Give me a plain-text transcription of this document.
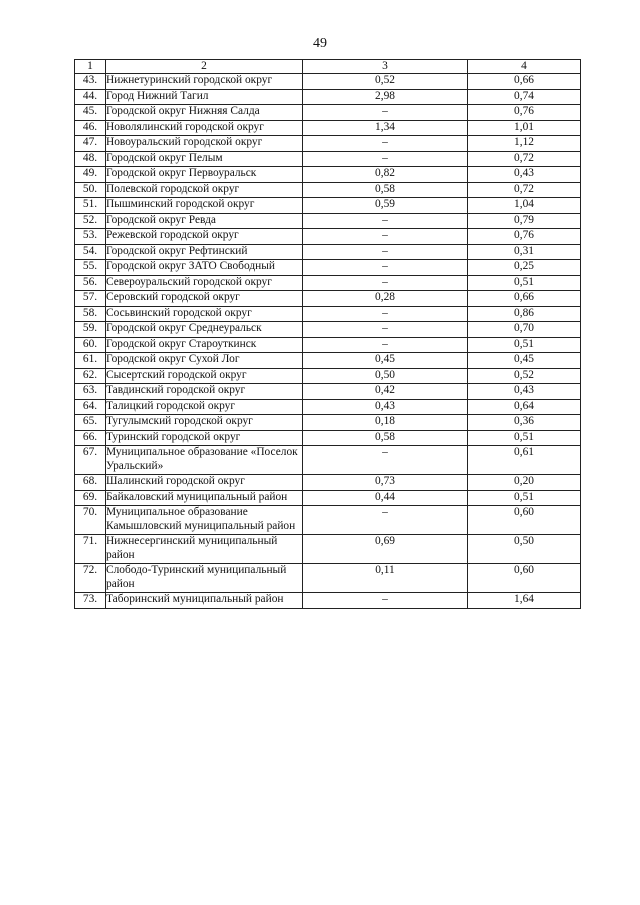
49
1	2	3	4
43.	Нижнетуринский городской округ	0,52	0,66
44.	Город Нижний Тагил	2,98	0,74
45.	Городской округ Нижняя Салда	–	0,76
46.	Новолялинский городской округ	1,34	1,01
47.	Новоуральский городской округ	–	1,12
48.	Городской округ Пелым	–	0,72
49.	Городской округ Первоуральск	0,82	0,43
50.	Полевской городской округ	0,58	0,72
51.	Пышминский городской округ	0,59	1,04
52.	Городской округ Ревда	–	0,79
53.	Режевской городской округ	–	0,76
54.	Городской округ Рефтинский	–	0,31
55.	Городской округ ЗАТО Свободный	–	0,25
56.	Североуральский городской округ	–	0,51
57.	Серовский городской округ	0,28	0,66
58.	Сосьвинский городской округ	–	0,86
59.	Городской округ Среднеуральск	–	0,70
60.	Городской округ Староуткинск	–	0,51
61.	Городской округ Сухой Лог	0,45	0,45
62.	Сысертский городской округ	0,50	0,52
63.	Тавдинский городской округ	0,42	0,43
64.	Талицкий городской округ	0,43	0,64
65.	Тугулымский городской округ	0,18	0,36
66.	Туринский городской округ	0,58	0,51
67.	Муниципальное образование «Поселок Уральский»	–	0,61
68.	Шалинский городской округ	0,73	0,20
69.	Байкаловский муниципальный район	0,44	0,51
70.	Муниципальное образование Камышловский муниципальный район	–	0,60
71.	Нижнесергинский муниципальный район	0,69	0,50
72.	Слободо-Туринский муниципальный район	0,11	0,60
73.	Таборинский муниципальный район	–	1,64
